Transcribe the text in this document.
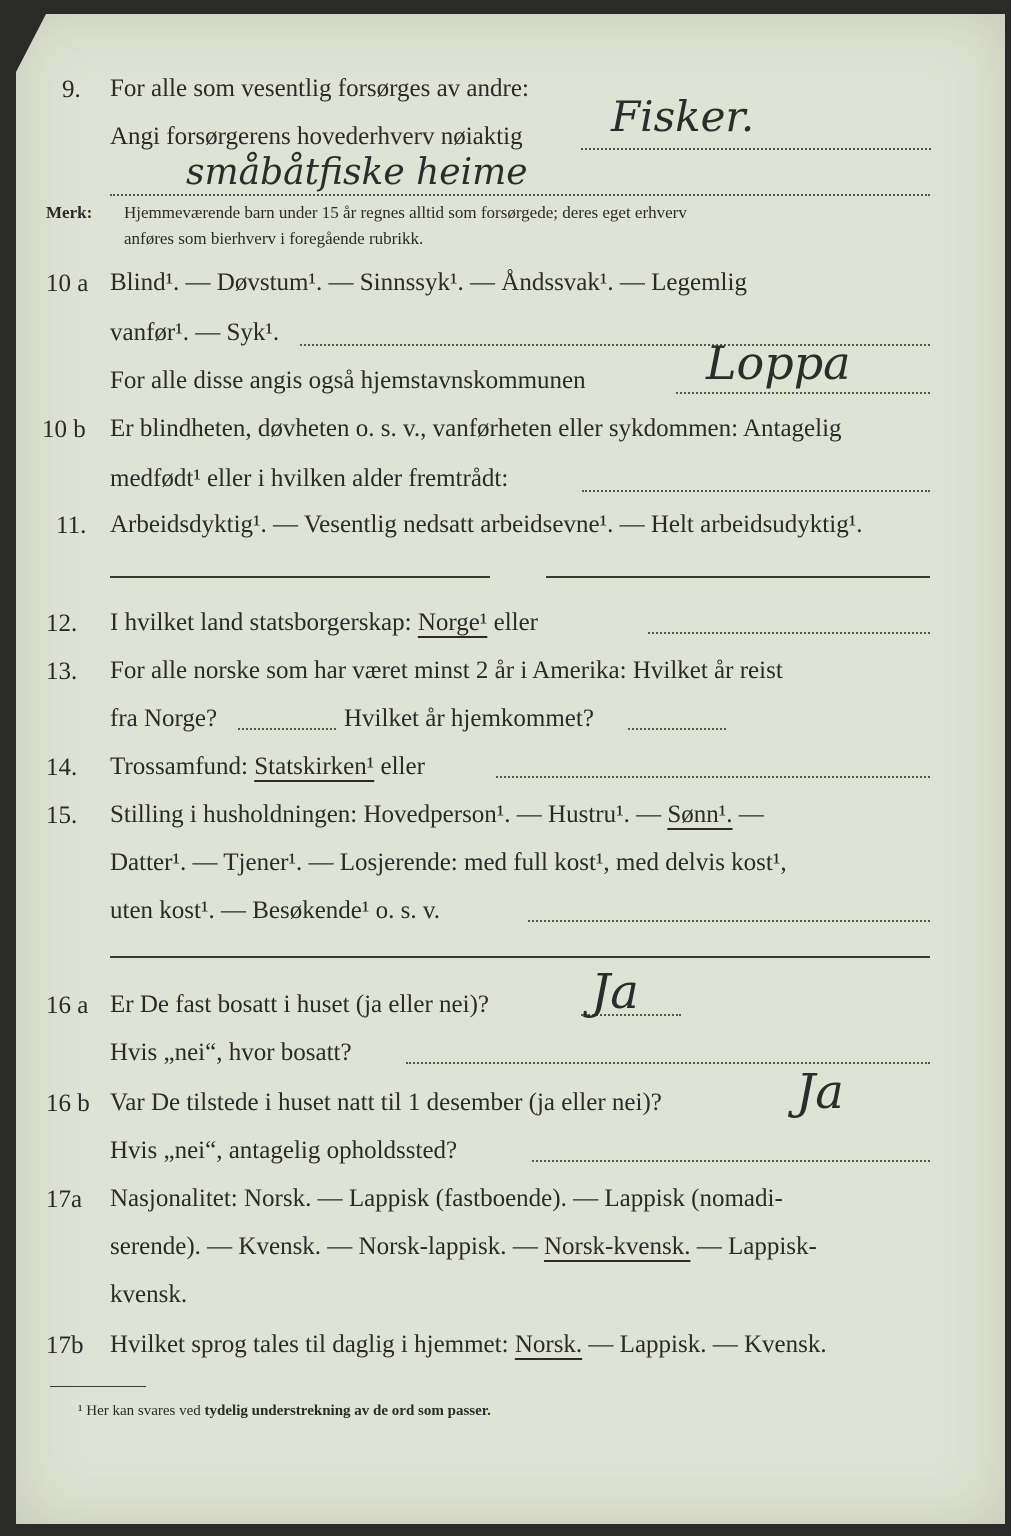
9. For alle som vesentlig forsørges av andre:
Angi forsørgerens hovederhverv nøiaktig Fisker.
småbåtfiske heime
Merk: Hjemmeværende barn under 15 år regnes alltid som forsørgede; deres eget erhverv
anføres som bierhverv i foregående rubrikk.
10 a Blind¹. — Døvstum¹. — Sinnssyk¹. — Åndssvak¹. — Legemlig
vanfør¹. — Syk¹.
For alle disse angis også hjemstavnskommunen	Loppa
10 b Er blindheten, døvheten o. s. v., vanførheten eller sykdommen: Antagelig
medfødt¹ eller i hvilken alder fremtrådt:
11. Arbeidsdyktig¹. — Vesentlig nedsatt arbeidsevne¹. — Helt arbeidsudyktig¹.
12. I hvilket land statsborgerskap: Norge¹ eller
13. For alle norske som har været minst 2 år i Amerika: Hvilket år reist
fra Norge?	Hvilket år hjemkommet?
14. Trossamfund: Statskirken¹ eller
15. Stilling i husholdningen: Hovedperson¹. — Hustru¹. — Sønn¹. —
Datter¹. — Tjener¹. — Losjerende: med full kost¹, med delvis kost¹,
uten kost¹. — Besøkende¹ o. s. v.
16 a Er De fast bosatt i huset (ja eller nei)? Ja
Hvis „nei“, hvor bosatt?
16 b Var De tilstede i huset natt til 1 desember (ja eller nei)?	Ja
Hvis „nei“, antagelig opholdssted?
17a Nasjonalitet: Norsk. — Lappisk (fastboende). — Lappisk (nomadi-
serende). — Kvensk. — Norsk-lappisk. — Norsk-kvensk. — Lappisk-
kvensk.
17b Hvilket sprog tales til daglig i hjemmet: Norsk. — Lappisk. — Kvensk.
¹ Her kan svares ved tydelig understrekning av de ord som passer.
